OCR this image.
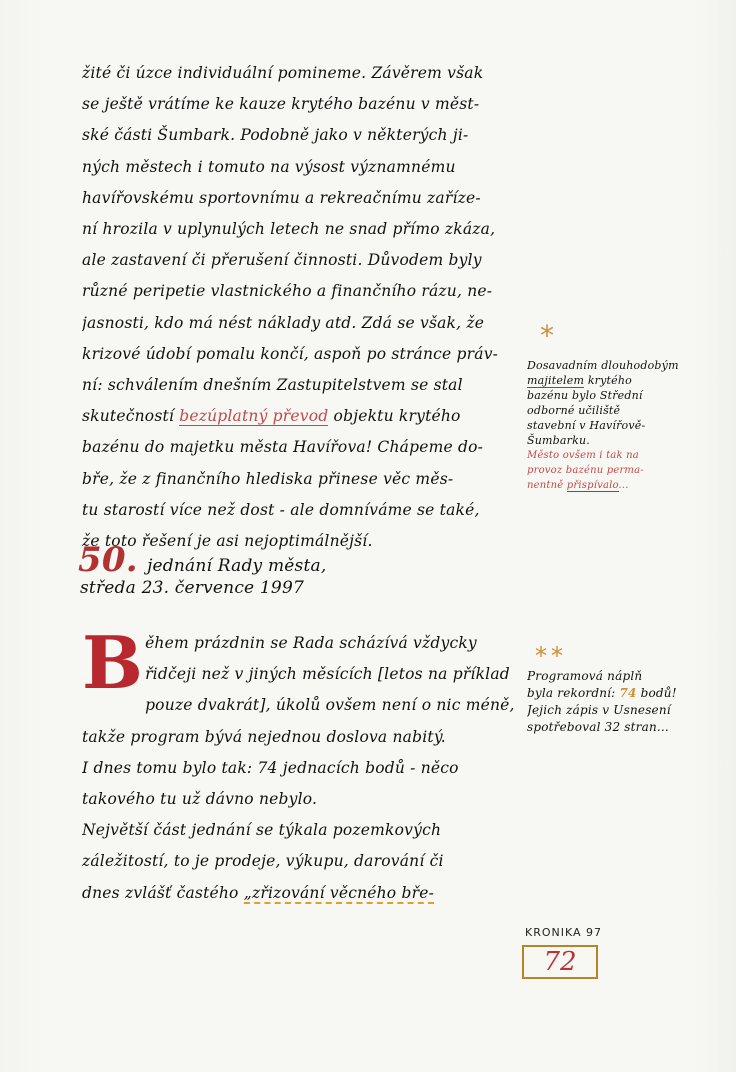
žité či úzce individuální pomineme. Závěrem však
se ještě vrátíme ke kauze krytého bazénu v měst-
ské části Šumbark. Podobně jako v některých ji-
ných městech i tomuto na výsost významnému
havířovskému sportovnímu a rekreačnímu zaříze-
ní hrozila v uplynulých letech ne snad přímo zkáza,
ale zastavení či přerušení činnosti. Důvodem byly
různé peripetie vlastnického a finančního rázu, ne-
jasnosti, kdo má nést náklady atd. Zdá se však, že
krizové údobí pomalu končí, aspoň po stránce práv-
ní: schválením dnešním Zastupitelstvem se stal
skutečností bezúplatný převod objektu krytého
bazénu do majetku města Havířova! Chápeme do-
bře, že z finančního hlediska přinese věc měs-
tu starostí více než dost - ale domníváme se také,
že toto řešení je asi nejoptimálnější.
50. jednání Rady města,
středa 23. července 1997
B ěhem prázdnin se Rada scházívá vždycky
řidčeji než v jiných měsících [letos na příklad
pouze dvakrát], úkolů ovšem není o nic méně,
takže program bývá nejednou doslova nabitý.
I dnes tomu bylo tak: 74 jednacích bodů - něco
takového tu už dávno nebylo.
Největší část jednání se týkala pozemkových
záležitostí, to je prodeje, výkupu, darování či
dnes zvlášť častého „zřizování věcného bře-
*
Dosavadním dlouhodobým
majitelem krytého
bazénu bylo Střední
odborné učiliště
stavební v Havířově-
Šumbarku.
Město ovšem i tak na
provoz bazénu perma-
nentně přispívalo...
**
Programová náplň
byla rekordní: 74 bodů!
Jejich zápis v Usnesení
spotřeboval 32 stran...
KRONIKA 97
72
